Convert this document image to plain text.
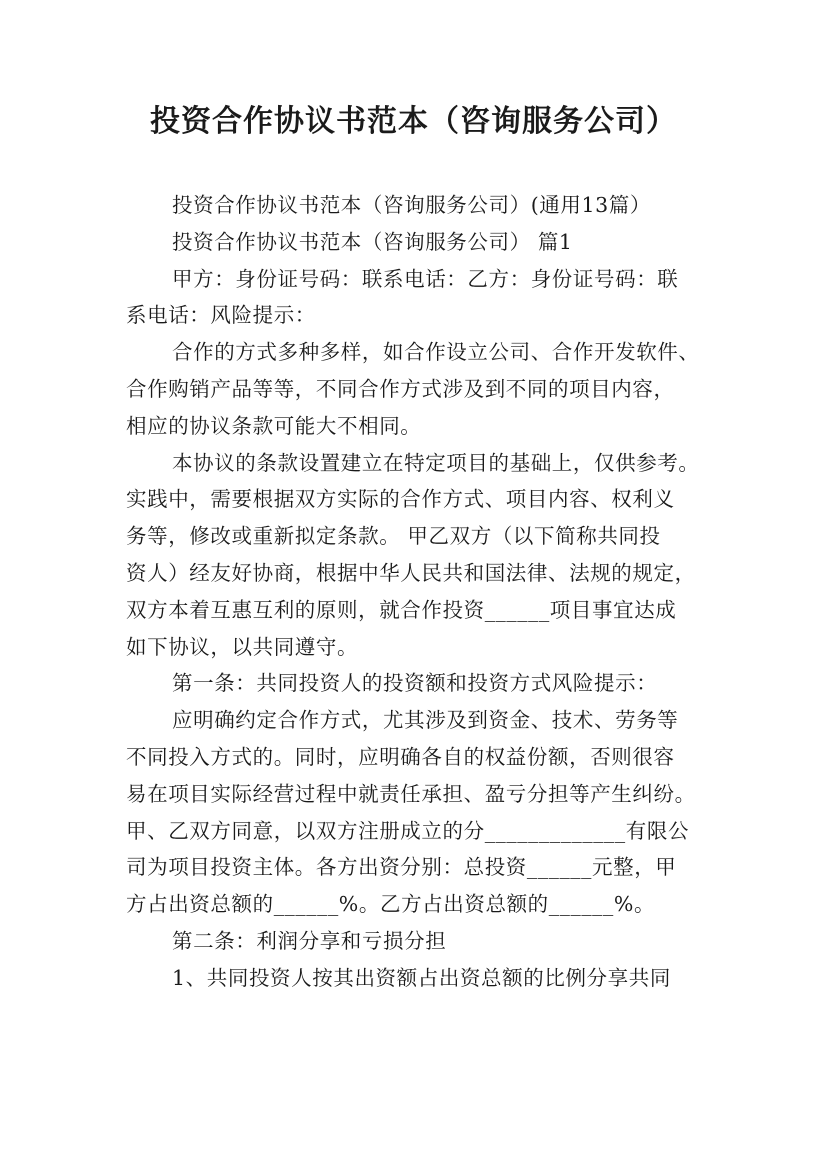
投资合作协议书范本（咨询服务公司）
投资合作协议书范本（咨询服务公司）(通用13篇）
投资合作协议书范本（咨询服务公司） 篇1
甲方：身份证号码：联系电话：乙方：身份证号码：联
系电话：风险提示：
合作的方式多种多样，如合作设立公司、合作开发软件、
合作购销产品等等，不同合作方式涉及到不同的项目内容，
相应的协议条款可能大不相同。
本协议的条款设置建立在特定项目的基础上，仅供参考。
实践中，需要根据双方实际的合作方式、项目内容、权利义
务等，修改或重新拟定条款。 甲乙双方（以下简称共同投
资人）经友好协商，根据中华人民共和国法律、法规的规定，
双方本着互惠互利的原则，就合作投资______项目事宜达成
如下协议，以共同遵守。
第一条：共同投资人的投资额和投资方式风险提示：
应明确约定合作方式，尤其涉及到资金、技术、劳务等
不同投入方式的。同时，应明确各自的权益份额，否则很容
易在项目实际经营过程中就责任承担、盈亏分担等产生纠纷。
甲、乙双方同意，以双方注册成立的分_____________有限公
司为项目投资主体。各方出资分别：总投资______元整，甲
方占出资总额的______%。乙方占出资总额的______%。
第二条：利润分享和亏损分担
1、共同投资人按其出资额占出资总额的比例分享共同
